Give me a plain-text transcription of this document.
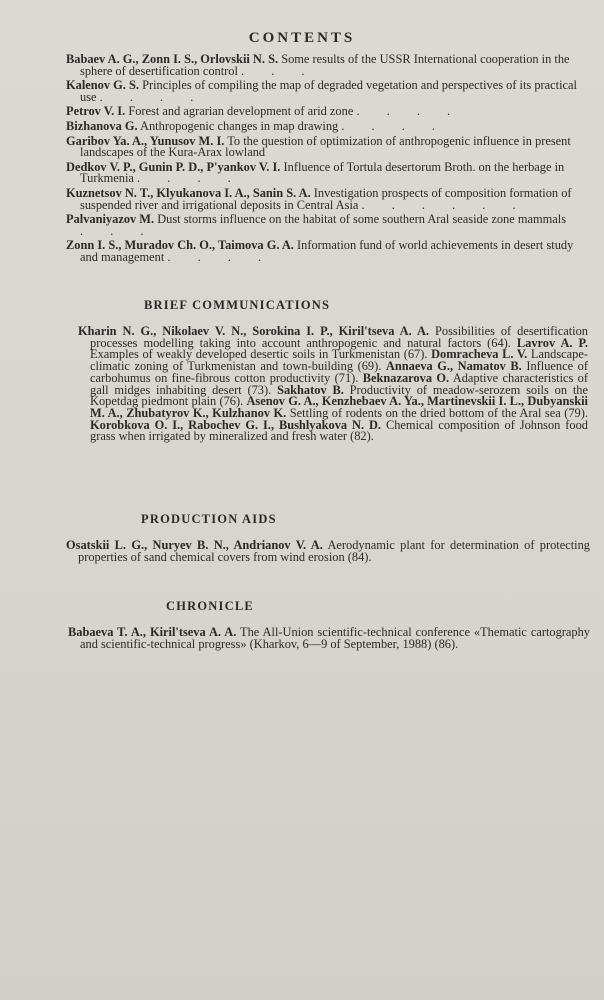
CONTENTS
Babaev A. G., Zonn I. S., Orlovskii N. S. Some results of the USSR International cooperation in the sphere of desertification control . . .
Kalenov G. S. Principles of compiling the map of degraded vegetation and perspectives of its practical use . . . .
Petrov V. I. Forest and agrarian development of arid zone . . . .
Bizhanova G. Anthropogenic changes in map drawing . . . .
Garibov Ya. A., Yunusov M. I. To the question of optimization of anthropogenic influence in present landscapes of the Kura-Arax lowland
Dedkov V. P., Gunin P. D., P'yankov V. I. Influence of Tortula desertorum Broth. on the herbage in Turkmenia . . . .
Kuznetsov N. T., Klyukanova I. A., Sanin S. A. Investigation prospects of composition formation of suspended river and irrigational deposits in Central Asia . . . . . .
Palvaniyazov M. Dust storms influence on the habitat of some southern Aral seaside zone mammals . . .
Zonn I. S., Muradov Ch. O., Taimova G. A. Information fund of world achievements in desert study and management . . . .
BRIEF COMMUNICATIONS
Kharin N. G., Nikolaev V. N., Sorokina I. P., Kiril'tseva A. A. Possibilities of desertification processes modelling taking into account anthropogenic and natural factors (64). Lavrov A. P. Examples of weakly developed desertic soils in Turkmenistan (67). Domracheva L. V. Landscape-climatic zoning of Turkmenistan and town-building (69). Annaeva G., Namatov B. Influence of carbohumus on fine-fibrous cotton productivity (71). Beknazarova O. Adaptive characteristics of gall midges inhabiting desert (73). Sakhatov B. Productivity of meadow-serozem soils on the Kopetdag piedmont plain (76). Asenov G. A., Kenzhebaev A. Ya., Martinevskii I. L., Dubyanskii M. A., Zhubatyrov K., Kulzhanov K. Settling of rodents on the dried bottom of the Aral sea (79). Korobkova O. I., Rabochev G. I., Bushlyakova N. D. Chemical composition of Johnson food grass when irrigated by mineralized and fresh water (82).
PRODUCTION AIDS
Osatskii L. G., Nuryev B. N., Andrianov V. A. Aerodynamic plant for determination of protecting properties of sand chemical covers from wind erosion (84).
CHRONICLE
Babaeva T. A., Kiril'tseva A. A. The All-Union scientific-technical conference «Thematic cartography and scientific-technical progress» (Kharkov, 6—9 of September, 1988) (86).
